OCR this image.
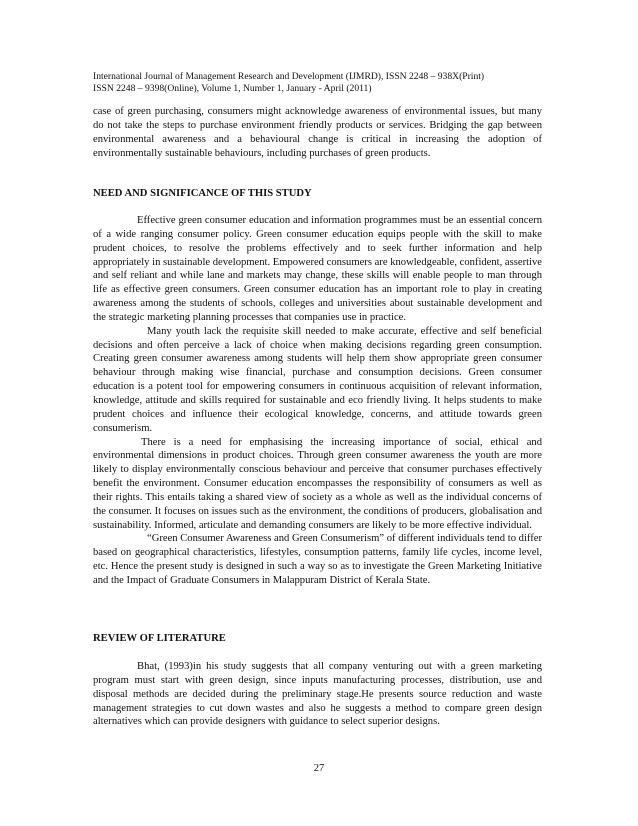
International Journal of Management Research and Development (IJMRD), ISSN 2248 – 938X(Print)
ISSN 2248 – 9398(Online), Volume 1, Number 1, January - April (2011)

case of green purchasing, consumers might acknowledge awareness of environmental issues, but many do not take the steps to purchase environment friendly products or services. Bridging the gap between environmental awareness and a behavioural change is critical in increasing the adoption of environmentally sustainable behaviours, including purchases of green products.

NEED AND SIGNIFICANCE OF THIS STUDY

Effective green consumer education and information programmes must be an essential concern of a wide ranging consumer policy. Green consumer education equips people with the skill to make prudent choices, to resolve the problems effectively and to seek further information and help appropriately in sustainable development. Empowered consumers are knowledgeable, confident, assertive and self reliant and while lane and markets may change, these skills will enable people to man through life as effective green consumers. Green consumer education has an important role to play in creating awareness among the students of schools, colleges and universities about sustainable development and the strategic marketing planning processes that companies use in practice.

Many youth lack the requisite skill needed to make accurate, effective and self beneficial decisions and often perceive a lack of choice when making decisions regarding green consumption. Creating green consumer awareness among students will help them show appropriate green consumer behaviour through making wise financial, purchase and consumption decisions. Green consumer education is a potent tool for empowering consumers in continuous acquisition of relevant information, knowledge, attitude and skills required for sustainable and eco friendly living. It helps students to make prudent choices and influence their ecological knowledge, concerns, and attitude towards green consumerism.

There is a need for emphasising the increasing importance of social, ethical and environmental dimensions in product choices. Through green consumer awareness the youth are more likely to display environmentally conscious behaviour and perceive that consumer purchases effectively benefit the environment. Consumer education encompasses the responsibility of consumers as well as their rights. This entails taking a shared view of society as a whole as well as the individual concerns of the consumer. It focuses on issues such as the environment, the conditions of producers, globalisation and sustainability. Informed, articulate and demanding consumers are likely to be more effective individual.

“Green Consumer Awareness and Green Consumerism” of different individuals tend to differ based on geographical characteristics, lifestyles, consumption patterns, family life cycles, income level, etc. Hence the present study is designed in such a way so as to investigate the Green Marketing Initiative and the Impact of Graduate Consumers in Malappuram District of Kerala State.

REVIEW OF LITERATURE

Bhat, (1993)in his study suggests that all company venturing out with a green marketing program must start with green design, since inputs manufacturing processes, distribution, use and disposal methods are decided during the preliminary stage.He presents source reduction and waste management strategies to cut down wastes and also he suggests a method to compare green design alternatives which can provide designers with guidance to select superior designs.

27
